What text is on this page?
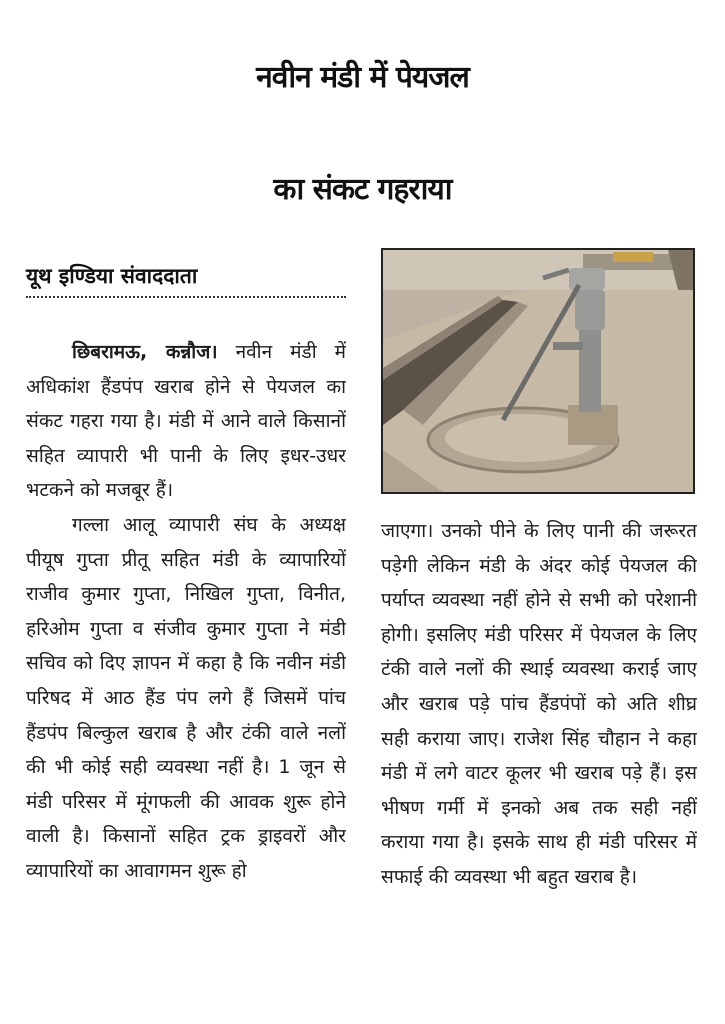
नवीन मंडी में पेयजल
का संकट गहराया
यूथ इण्डिया संवाददाता

छिबरामऊ, कन्नौज। नवीन मंडी में अधिकांश हैंडपंप खराब होने से पेयजल का संकट गहरा गया है। मंडी में आने वाले किसानों सहित व्यापारी भी पानी के लिए इधर-उधर भटकने को मजबूर हैं।

गल्ला आलू व्यापारी संघ के अध्यक्ष पीयूष गुप्ता प्रीतू सहित मंडी के व्यापारियों राजीव कुमार गुप्ता, निखिल गुप्ता, विनीत, हरिओम गुप्ता व संजीव कुमार गुप्ता ने मंडी सचिव को दिए ज्ञापन में कहा है कि नवीन मंडी परिषद में आठ हैंड पंप लगे हैं जिसमें पांच हैंडपंप बिल्कुल खराब है और टंकी वाले नलों की भी कोई सही व्यवस्था नहीं है। 1 जून से मंडी परिसर में मूंगफली की आवक शुरू होने वाली है। किसानों सहित ट्रक ड्राइवरों और व्यापारियों का आवागमन शुरू हो

जाएगा। उनको पीने के लिए पानी की जरूरत पड़ेगी लेकिन मंडी के अंदर कोई पेयजल की पर्याप्त व्यवस्था नहीं होने से सभी को परेशानी होगी। इसलिए मंडी परिसर में पेयजल के लिए टंकी वाले नलों की स्थाई व्यवस्था कराई जाए और खराब पड़े पांच हैंडपंपों को अति शीघ्र सही कराया जाए। राजेश सिंह चौहान ने कहा मंडी में लगे वाटर कूलर भी खराब पड़े हैं। इस भीषण गर्मी में इनको अब तक सही नहीं कराया गया है। इसके साथ ही मंडी परिसर में सफाई की व्यवस्था भी बहुत खराब है।
